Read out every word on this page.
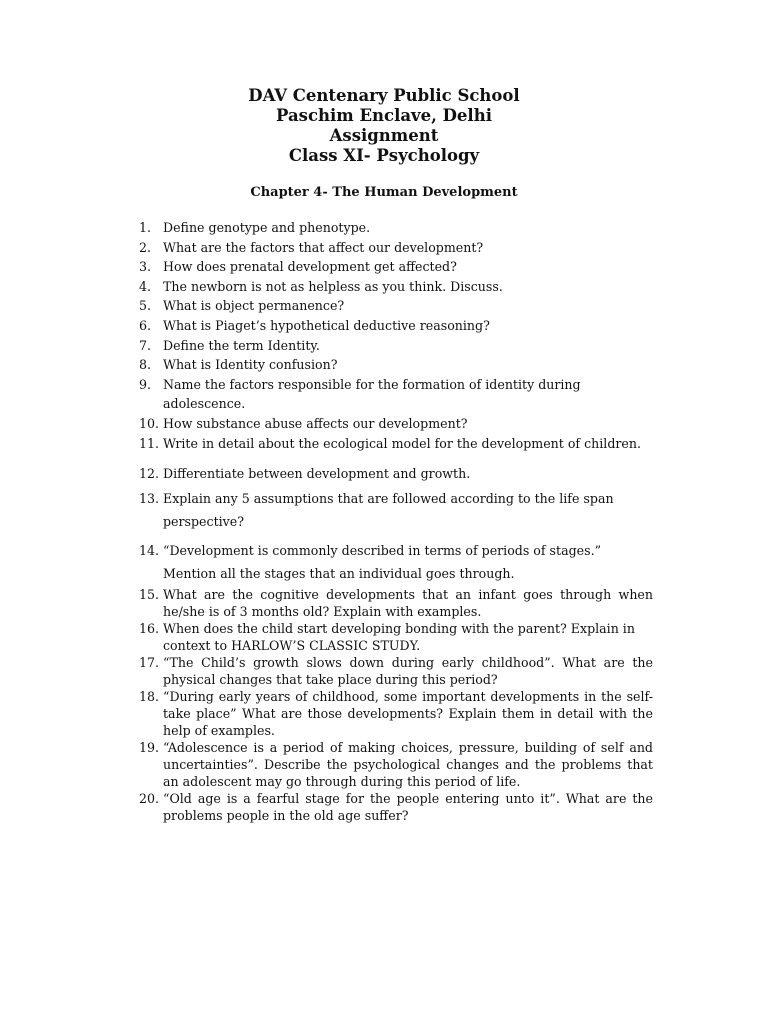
DAV Centenary Public School
Paschim Enclave, Delhi
Assignment
Class XI- Psychology
Chapter 4- The Human Development
1. Define genotype and phenotype.
2. What are the factors that affect our development?
3. How does prenatal development get affected?
4. The newborn is not as helpless as you think. Discuss.
5. What is object permanence?
6. What is Piaget’s hypothetical deductive reasoning?
7. Define the term Identity.
8. What is Identity confusion?
9. Name the factors responsible for the formation of identity during adolescence.
10. How substance abuse affects our development?
11. Write in detail about the ecological model for the development of children.
12. Differentiate between development and growth.
13. Explain any 5 assumptions that are followed according to the life span perspective?
14. “Development is commonly described in terms of periods of stages.” Mention all the stages that an individual goes through.
15. What are the cognitive developments that an infant goes through when he/she is of 3 months old? Explain with examples.
16. When does the child start developing bonding with the parent? Explain in context to HARLOW’S CLASSIC STUDY.
17. “The Child’s growth slows down during early childhood”. What are the physical changes that take place during this period?
18. “During early years of childhood, some important developments in the self-take place” What are those developments? Explain them in detail with the help of examples.
19. “Adolescence is a period of making choices, pressure, building of self and uncertainties”. Describe the psychological changes and the problems that an adolescent may go through during this period of life.
20. “Old age is a fearful stage for the people entering unto it”. What are the problems people in the old age suffer?
